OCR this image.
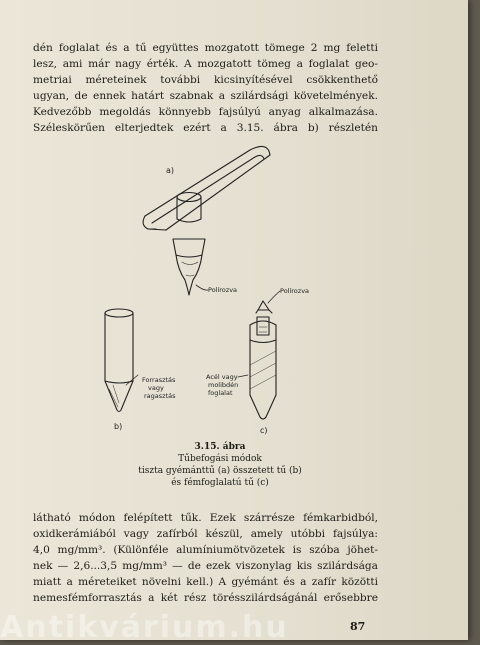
dén foglalat és a tű együttes mozgatott tömege 2 mg feletti
lesz, ami már nagy érték. A mozgatott tömeg a foglalat geo-
metriai méreteinek további kicsinyítésével csökkenthető
ugyan, de ennek határt szabnak a szilárdsági követelmények.
Kedvezőbb megoldás könnyebb fajsúlyú anyag alkalmazása.
Széleskörűen elterjedtek ezért a 3.15. ábra b) részletén

a)
Polírozva	Polírozva
Forrasztás
vagy
ragasztás
Acél vagy
molibdén
foglalat
b)	c)
3.15. ábra
Tűbefogási módok
tiszta gyémánttű (a) összetett tű (b)
és fémfoglalatú tű (c)

látható módon felépített tűk. Ezek szárrésze fémkarbidból,
oxidkerámiából vagy zafírból készül, amely utóbbi fajsúlya:
4,0 mg/mm³. (Különféle alumíniumötvözetek is szóba jöhet-
nek — 2,6...3,5 mg/mm³ — de ezek viszonylag kis szilárdsága
miatt a méreteiket növelni kell.) A gyémánt és a zafír közötti
nemesfémforrasztás a két rész törésszilárdságánál erősebbre

87
Antikvárium.hu
